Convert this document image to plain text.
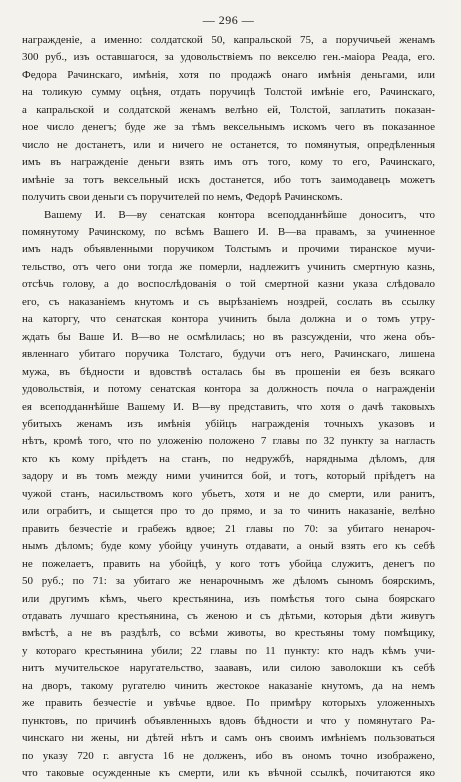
— 296 —
награжденіе, а именно: солдатской 50, капральской 75, а поручичьей женамъ
300 руб., изъ оставшагося, за удовольствіемъ по векселю ген.-маіора Реада, его.
Федора Рачинскаго, имѣнія, хотя по продажѣ онаго имѣнія деньгами, или
на толикую сумму оцѣня, отдать поручицѣ Толстой имѣніе его, Рачинскаго,
а капральской и солдатской женамъ велѣно ей, Толстой, заплатить показан-
ное число денегъ; буде же за тѣмъ вексельнымъ искомъ чего въ показанное
число не достанетъ, или и ничего не останется, то помянутыя, опредѣленныя
имъ въ награжденіе деньги взять имъ отъ того, кому то его, Рачинскаго,
имѣніе за тотъ вексельный искъ достанется, ибо тотъ заимодавецъ можетъ
получить свои деньги съ поручителей по немъ, Федорѣ Рачинскомъ.
Вашему И. В—ву сенатская контора всеподданнѣйше доноситъ, что
помянутому Рачинскому, по всѣмъ Вашего И. В—ва правамъ, за учиненное
имъ надъ объявленными поручиком Толстымъ и прочими тиранское мучи-
тельство, отъ чего они тогда же померли, надлежитъ учинить смертную казнь,
отсѣчь голову, а до воспослѣдованія о той смертной казни указа слѣдовало
его, съ наказаніемъ кнутомъ и съ вырѣзаніемъ ноздрей, сослать въ ссылку
на каторгу, что сенатская контора учинить была должна и о томъ утру-
ждать бы Ваше И. В—во не осмѣлилась; но въ разсужденіи, что жена объ-
явленнаго убитаго поручика Толстаго, будучи отъ него, Рачинскаго, лишена
мужа, въ бѣдности и вдовствѣ осталась бы въ прошеніи ея безъ всякаго
удовольствія, и потому сенатская контора за должность почла о награжденіи
ея всеподданнѣйше Вашему И. В—ву представить, что хотя о дачѣ таковыхъ
убитыхъ женамъ изъ имѣнія убійцъ награжденія точныхъ указовъ и
нѣтъ, кромѣ того, что по уложенію положено 7 главы по 32 пункту за нагласть
кто къ кому пріѣдетъ на станъ, по недружбѣ, нарядныма дѣломъ, для
задору и въ томъ между ними учинится бой, и тотъ, который пріѣдетъ на
чужой станъ, насильствомъ кого убьетъ, хотя и не до смерти, или ранитъ,
или ограбитъ, и сыщется про то до прямо, и за то чинить наказаніе, велѣно
править безчестіе и грабежъ вдвое; 21 главы по 70: за убитаго ненароч-
нымъ дѣломъ; буде кому убойцу учинуть отдавати, а оный взять его къ себѣ
не пожелаетъ, править на убойцѣ, у кого тотъ убойца служитъ, денегъ по
50 руб.; по 71: за убитаго же ненарочнымъ же дѣломъ сыномъ боярскимъ,
или другимъ кѣмъ, чьего крестьянина, изъ помѣстья того сына боярскаго
отдавать лучшаго крестьянина, съ женою и съ дѣтьми, которыя дѣти живутъ
вмѣстѣ, а не въ раздѣлѣ, со всѣми животы, во крестьяны тому помѣщику,
у котораго крестьянина убили; 22 главы по 11 пункту: кто надъ кѣмъ учи-
нитъ мучительское наругательство, заававъ, или силою заволокши къ себѣ
на дворъ, такому ругателю чинить жестокое наказаніе кнутомъ, да на немъ
же править безчестіе и увѣчье вдвое. По примѣру которыхъ уложенныхъ
пунктовъ, по причинѣ объявленныхъ вдовъ бѣдности и что у помянутаго Ра-
чинскаго ни жены, ни дѣтей нѣтъ и самъ онъ своимъ имѣніемъ пользоваться
по указу 720 г. августа 16 не долженъ, ибо въ ономъ точно изображено,
что таковые осужденные къ смерти, или къ вѣчной ссылкѣ, почитаются яко
